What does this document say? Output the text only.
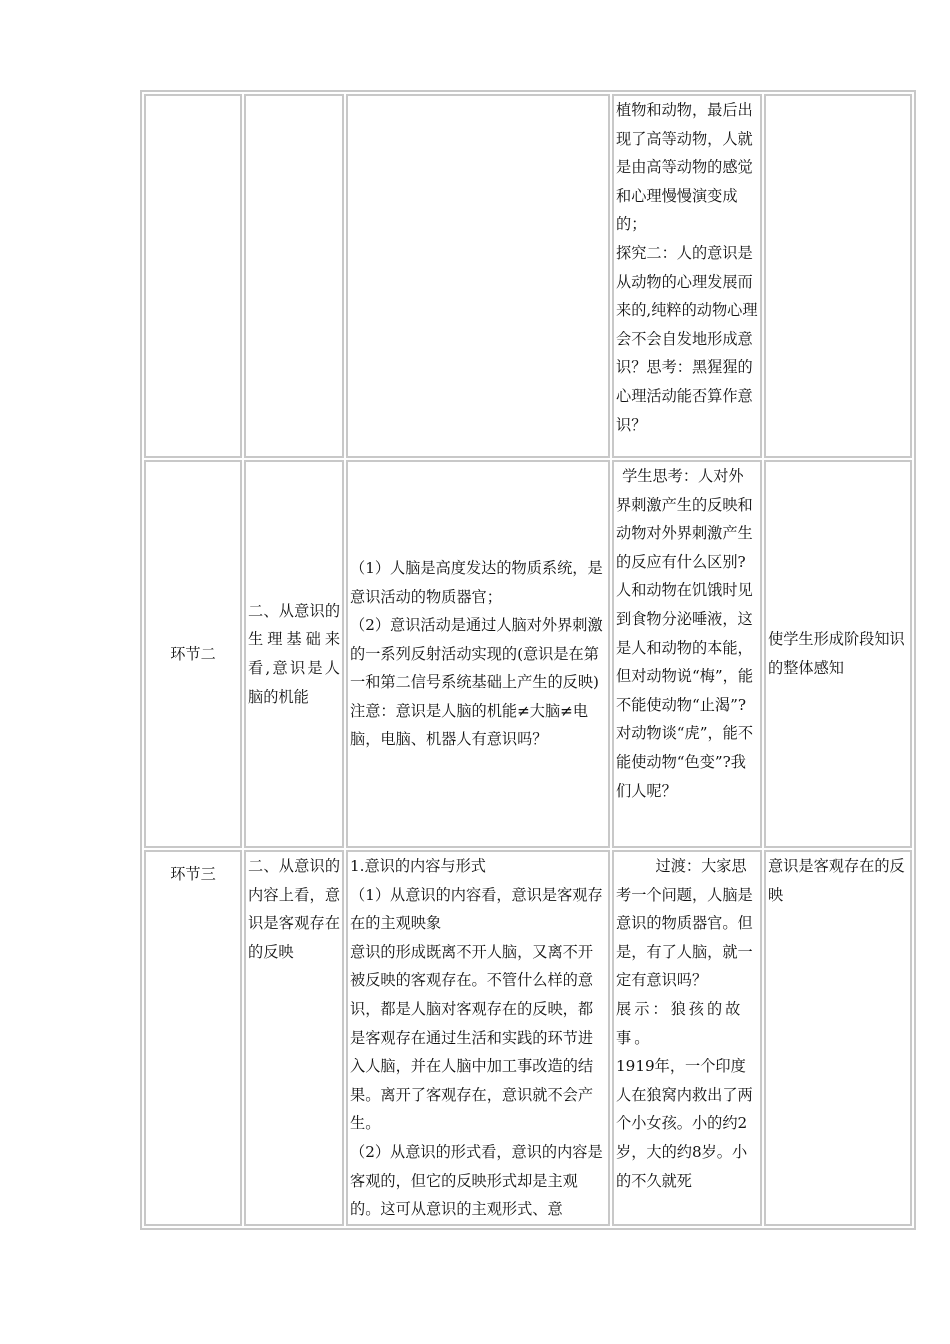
			植物和动物，最后出现了高等动物，人就是由高等动物的感觉和心理慢慢演变成的；
探究二：人的意识是从动物的心理发展而来的,纯粹的动物心理会不会自发地形成意识？思考：黑猩猩的心理活动能否算作意识？	

环节二	二、从意识的生理基础来看,意识是人脑的机能	（1）人脑是高度发达的物质系统，是意识活动的物质器官；
（2）意识活动是通过人脑对外界刺激的一系列反射活动实现的(意识是在第一和第二信号系统基础上产生的反映)
注意：意识是人脑的机能≠大脑≠电脑，电脑、机器人有意识吗？	学生思考：人对外界刺激产生的反映和动物对外界刺激产生的反应有什么区别?
人和动物在饥饿时见到食物分泌唾液，这是人和动物的本能，但对动物说“梅”，能不能使动物“止渴”?对动物谈“虎”，能不能使动物“色变”?我们人呢？	使学生形成阶段知识的整体感知
环节三	二、从意识的内容上看，意识是客观存在的反映	1.意识的内容与形式
（1）从意识的内容看，意识是客观存在的主观映象
意识的形成既离不开人脑，又离不开被反映的客观存在。不管什么样的意识，都是人脑对客观存在的反映，都是客观存在通过生活和实践的环节进入人脑，并在人脑中加工事改造的结果。离开了客观存在，意识就不会产生。
（2）从意识的形式看，意识的内容是客观的，但它的反映形式却是主观的。这可从意识的主观形式、意	过渡：大家思考一个问题，人脑是意识的物质器官。但是，有了人脑，就一定有意识吗？
展示：狼孩的故事。
1919年，一个印度人在狼窝内救出了两个小女孩。小的约2岁，大的约8岁。小的不久就死	意识是客观存在的反映
